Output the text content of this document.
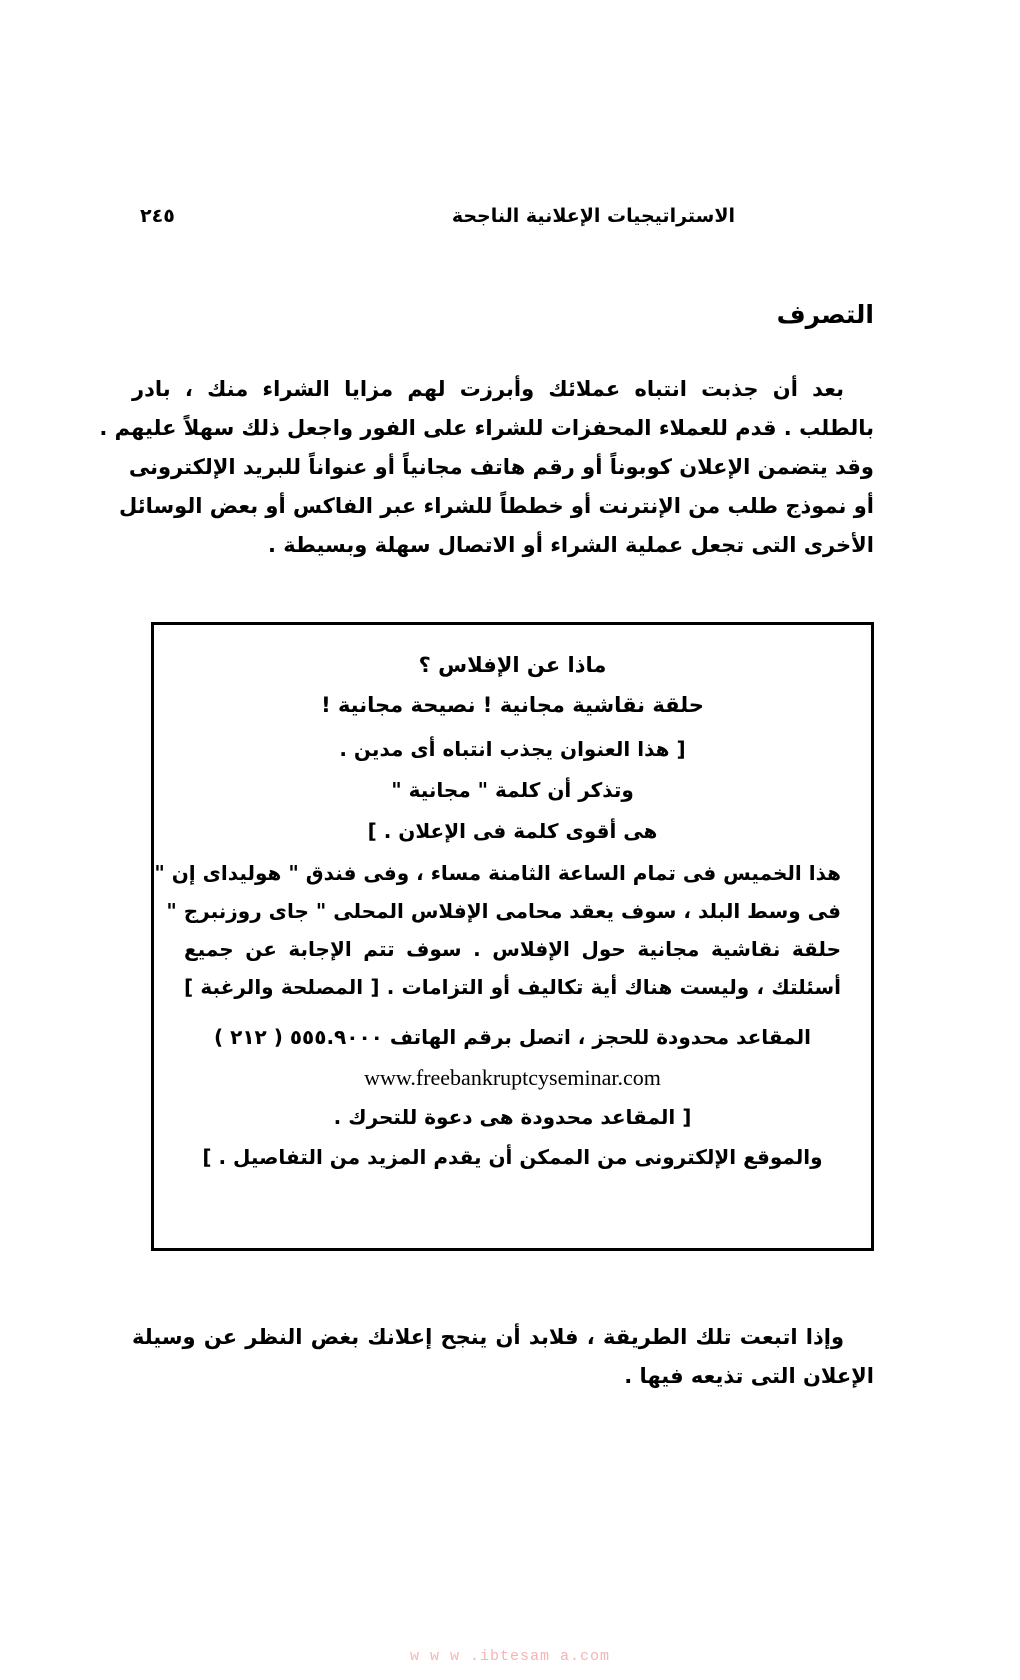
الاستراتيجيات الإعلانية الناجحة
٢٤٥
التصرف
بعد أن جذبت انتباه عملائك وأبرزت لهم مزايا الشراء منك ، بادر
بالطلب . قدم للعملاء المحفزات للشراء على الفور واجعل ذلك سهلاً عليهم .
وقد يتضمن الإعلان كوبوناً أو رقم هاتف مجانياً أو عنواناً للبريد الإلكترونى
أو نموذج طلب من الإنترنت أو خططاً للشراء عبر الفاكس أو بعض الوسائل
الأخرى التى تجعل عملية الشراء أو الاتصال سهلة وبسيطة .
ماذا عن الإفلاس ؟
حلقة نقاشية مجانية ! نصيحة مجانية !
[ هذا العنوان يجذب انتباه أى مدين .
وتذكر أن كلمة " مجانية "
هى أقوى كلمة فى الإعلان . ]
هذا الخميس فى تمام الساعة الثامنة مساء ، وفى فندق " هوليداى إن "
فى وسط البلد ، سوف يعقد محامى الإفلاس المحلى " جاى روزنبرج "
حلقة نقاشية مجانية حول الإفلاس . سوف تتم الإجابة عن جميع
أسئلتك ، وليست هناك أية تكاليف أو التزامات . [ المصلحة والرغبة ]
المقاعد محدودة للحجز ، اتصل برقم الهاتف ٥٥٥.٩٠٠٠ ( ٢١٢ )
www.freebankruptcyseminar.com
[ المقاعد محدودة هى دعوة للتحرك .
والموقع الإلكترونى من الممكن أن يقدم المزيد من التفاصيل . ]
وإذا اتبعت تلك الطريقة ، فلابد أن ينجح إعلانك بغض النظر عن وسيلة
الإعلان التى تذيعه فيها .
w w w .ibtesam a.com
